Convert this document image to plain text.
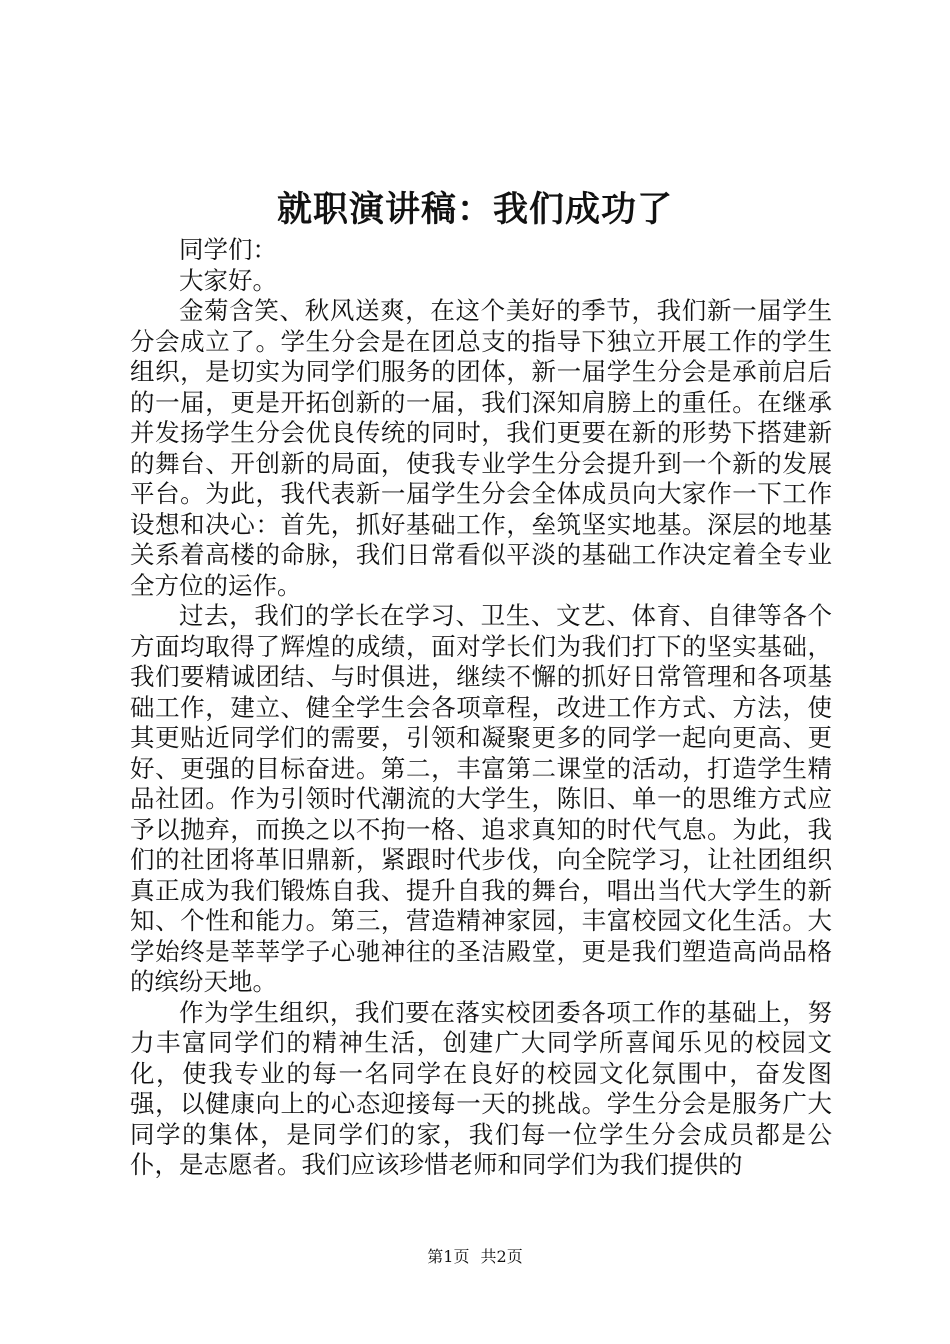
就职演讲稿：我们成功了

同学们：

大家好。

金菊含笑、秋风送爽，在这个美好的季节，我们新一届学生分会成立了。学生分会是在团总支的指导下独立开展工作的学生组织，是切实为同学们服务的团体，新一届学生分会是承前启后的一届，更是开拓创新的一届，我们深知肩膀上的重任。在继承并发扬学生分会优良传统的同时，我们更要在新的形势下搭建新的舞台、开创新的局面，使我专业学生分会提升到一个新的发展平台。为此，我代表新一届学生分会全体成员向大家作一下工作设想和决心：首先，抓好基础工作，垒筑坚实地基。深层的地基关系着高楼的命脉，我们日常看似平淡的基础工作决定着全专业全方位的运作。

过去，我们的学长在学习、卫生、文艺、体育、自律等各个方面均取得了辉煌的成绩，面对学长们为我们打下的坚实基础，我们要精诚团结、与时俱进，继续不懈的抓好日常管理和各项基础工作，建立、健全学生会各项章程，改进工作方式、方法，使其更贴近同学们的需要，引领和凝聚更多的同学一起向更高、更好、更强的目标奋进。第二，丰富第二课堂的活动，打造学生精品社团。作为引领时代潮流的大学生，陈旧、单一的思维方式应予以抛弃，而换之以不拘一格、追求真知的时代气息。为此，我们的社团将革旧鼎新，紧跟时代步伐，向全院学习，让社团组织真正成为我们锻炼自我、提升自我的舞台，唱出当代大学生的新知、个性和能力。第三，营造精神家园，丰富校园文化生活。大学始终是莘莘学子心驰神往的圣洁殿堂，更是我们塑造高尚品格的缤纷天地。

作为学生组织，我们要在落实校团委各项工作的基础上，努力丰富同学们的精神生活，创建广大同学所喜闻乐见的校园文化，使我专业的每一名同学在良好的校园文化氛围中，奋发图强，以健康向上的心态迎接每一天的挑战。学生分会是服务广大同学的集体，是同学们的家，我们每一位学生分会成员都是公仆，是志愿者。我们应该珍惜老师和同学们为我们提供的

第1页 共2页
